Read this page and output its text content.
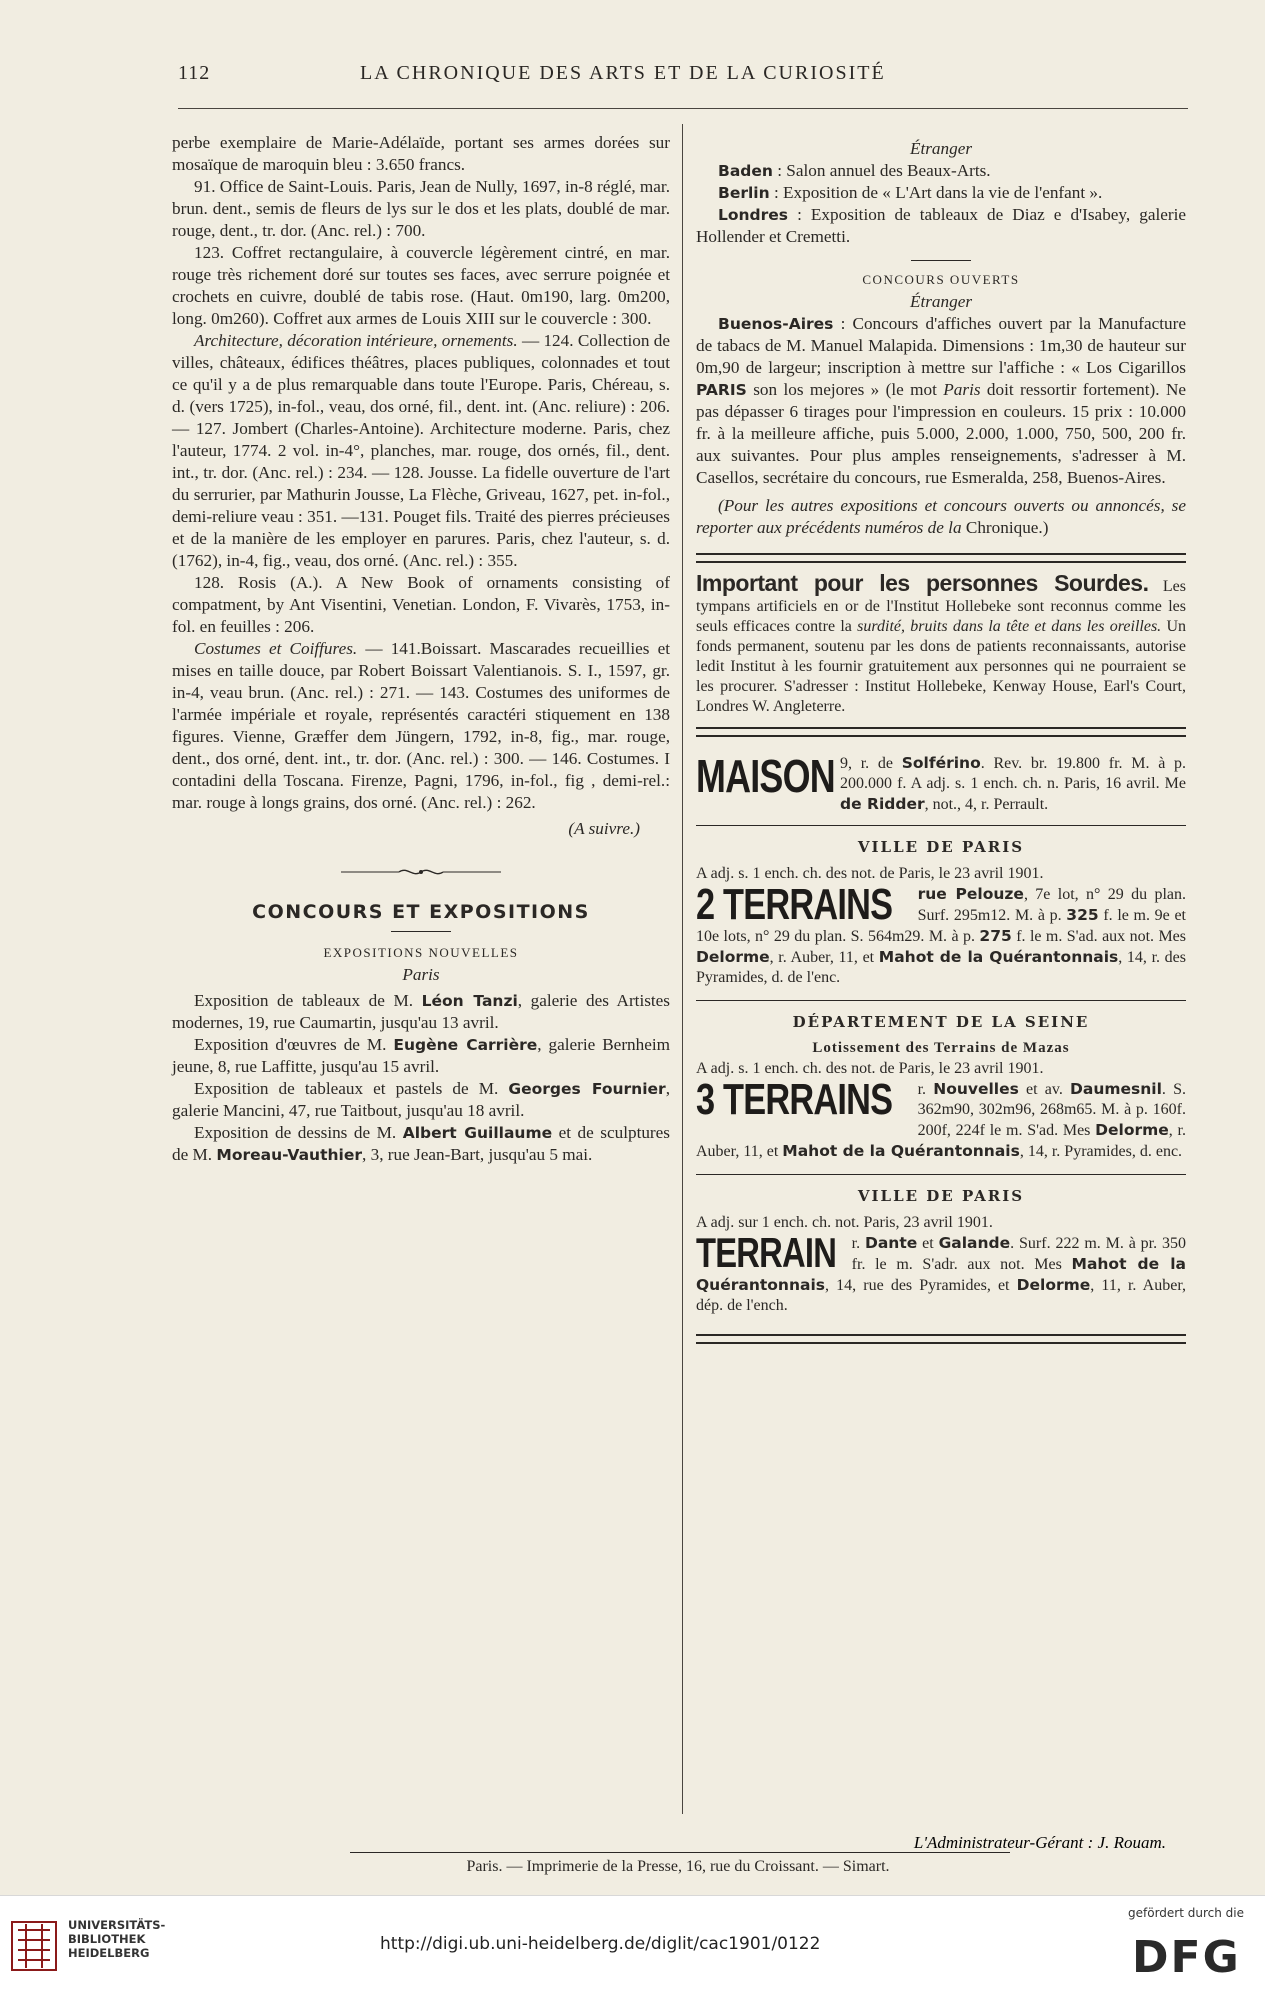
112	LA CHRONIQUE DES ARTS ET DE LA CURIOSITÉ

perbe exemplaire de Marie-Adélaïde, portant ses armes dorées sur mosaïque de maroquin bleu : 3.650 francs.

91. Office de Saint-Louis. Paris, Jean de Nully, 1697, in-8 réglé, mar. brun. dent., semis de fleurs de lys sur le dos et les plats, doublé de mar. rouge, dent., tr. dor. (Anc. rel.) : 700.

123. Coffret rectangulaire, à couvercle légèrement cintré, en mar. rouge très richement doré sur toutes ses faces, avec serrure poignée et crochets en cuivre, doublé de tabis rose. (Haut. 0m190, larg. 0m200, long. 0m260). Coffret aux armes de Louis XIII sur le couvercle : 300.

Architecture, décoration intérieure, ornements. — 124. Collection de villes, châteaux, édifices théâtres, places publiques, colonnades et tout ce qu'il y a de plus remarquable dans toute l'Europe. Paris, Chéreau, s. d. (vers 1725), in-fol., veau, dos orné, fil., dent. int. (Anc. reliure) : 206. — 127. Jombert (Charles-Antoine). Architecture moderne. Paris, chez l'auteur, 1774. 2 vol. in-4°, planches, mar. rouge, dos ornés, fil., dent. int., tr. dor. (Anc. rel.) : 234. — 128. Jousse. La fidelle ouverture de l'art du serrurier, par Mathurin Jousse, La Flèche, Griveau, 1627, pet. in-fol., demi-reliure veau : 351. —131. Pouget fils. Traité des pierres précieuses et de la manière de les employer en parures. Paris, chez l'auteur, s. d. (1762), in-4, fig., veau, dos orné. (Anc. rel.) : 355.

128. Rosis (A.). A New Book of ornaments consisting of compatment, by Ant Visentini, Venetian. London, F. Vivarès, 1753, in-fol. en feuilles : 206.

Costumes et Coiffures. — 141.Boissart. Mascarades recueillies et mises en taille douce, par Robert Boissart Valentianois. S. I., 1597, gr. in-4, veau brun. (Anc. rel.) : 271. — 143. Costumes des uniformes de l'armée impériale et royale, représentés caractéri stiquement en 138 figures. Vienne, Græffer dem Jüngern, 1792, in-8, fig., mar. rouge, dent., dos orné, dent. int., tr. dor. (Anc. rel.) : 300. — 146. Costumes. I contadini della Toscana. Firenze, Pagni, 1796, in-fol., fig , demi-rel.: mar. rouge à longs grains, dos orné. (Anc. rel.) : 262.

(A suivre.)

CONCOURS ET EXPOSITIONS

EXPOSITIONS NOUVELLES

Paris

Exposition de tableaux de M. Léon Tanzi, galerie des Artistes modernes, 19, rue Caumartin, jusqu'au 13 avril.

Exposition d'œuvres de M. Eugène Carrière, galerie Bernheim jeune, 8, rue Laffitte, jusqu'au 15 avril.

Exposition de tableaux et pastels de M. Georges Fournier, galerie Mancini, 47, rue Taitbout, jusqu'au 18 avril.

Exposition de dessins de M. Albert Guillaume et de sculptures de M. Moreau-Vauthier, 3, rue Jean-Bart, jusqu'au 5 mai.

Étranger

Baden : Salon annuel des Beaux-Arts.

Berlin : Exposition de « L'Art dans la vie de l'enfant ».

Londres : Exposition de tableaux de Diaz e d'Isabey, galerie Hollender et Cremetti.

CONCOURS OUVERTS

Étranger

Buenos-Aires : Concours d'affiches ouvert par la Manufacture de tabacs de M. Manuel Malapida. Dimensions : 1m,30 de hauteur sur 0m,90 de largeur; inscription à mettre sur l'affiche : « Los Cigarillos PARIS son los mejores » (le mot Paris doit ressortir fortement). Ne pas dépasser 6 tirages pour l'impression en couleurs. 15 prix : 10.000 fr. à la meilleure affiche, puis 5.000, 2.000, 1.000, 750, 500, 200 fr. aux suivantes. Pour plus amples renseignements, s'adresser à M. Casellos, secrétaire du concours, rue Esmeralda, 258, Buenos-Aires.

(Pour les autres expositions et concours ouverts ou annoncés, se reporter aux précédents numéros de la Chronique.)

Important pour les personnes Sourdes. Les tympans artificiels en or de l'Institut Hollebeke sont reconnus comme les seuls efficaces contre la surdité, bruits dans la tête et dans les oreilles. Un fonds permanent, soutenu par les dons de patients reconnaissants, autorise ledit Institut à les fournir gratuitement aux personnes qui ne pourraient se les procurer. S'adresser : Institut Hollebeke, Kenway House, Earl's Court, Londres W. Angleterre.

MAISON 9, r. de Solférino. Rev. br. 19.800 fr. M. à p. 200.000 f. A adj. s. 1 ench. ch. n. Paris, 16 avril. Me de Ridder, not., 4, r. Perrault.

VILLE DE PARIS

A adj. s. 1 ench. ch. des not. de Paris, le 23 avril 1901.

2 TERRAINS	rue Pelouze, 7e lot, n° 29 du plan. Surf. 295m12. M. à p. 325 f. le m. 9e et 10e lots, n° 29 du plan. S. 564m29. M. à p. 275 f. le m. S'ad. aux not. Mes Delorme, r. Auber, 11, et Mahot de la Quérantonnais, 14, r. des Pyramides, d. de l'enc.

DÉPARTEMENT DE LA SEINE

Lotissement des Terrains de Mazas

A adj. s. 1 ench. ch. des not. de Paris, le 23 avril 1901.

3 TERRAINS	r. Nouvelles et av. Daumesnil. S. 362m90, 302m96, 268m65. M. à p. 160f. 200f, 224f le m. S'ad. Mes Delorme, r. Auber, 11, et Mahot de la Quérantonnais, 14, r. Pyramides, d. enc.

VILLE DE PARIS

A adj. sur 1 ench. ch. not. Paris, 23 avril 1901.

TERRAIN r. Dante et Galande. Surf. 222 m. M. à pr. 350 fr. le m. S'adr. aux not. Mes Mahot de la Quérantonnais, 14, rue des Pyramides, et Delorme, 11, r. Auber, dép. de l'ench.

L'Administrateur-Gérant : J. Rouam.

Paris. — Imprimerie de la Presse, 16, rue du Croissant. — Simart.

UNIVERSITÄTS-
BIBLIOTHEK
HEIDELBERG	http://digi.ub.uni-heidelberg.de/diglit/cac1901/0122
gefördert durch die
DFG
